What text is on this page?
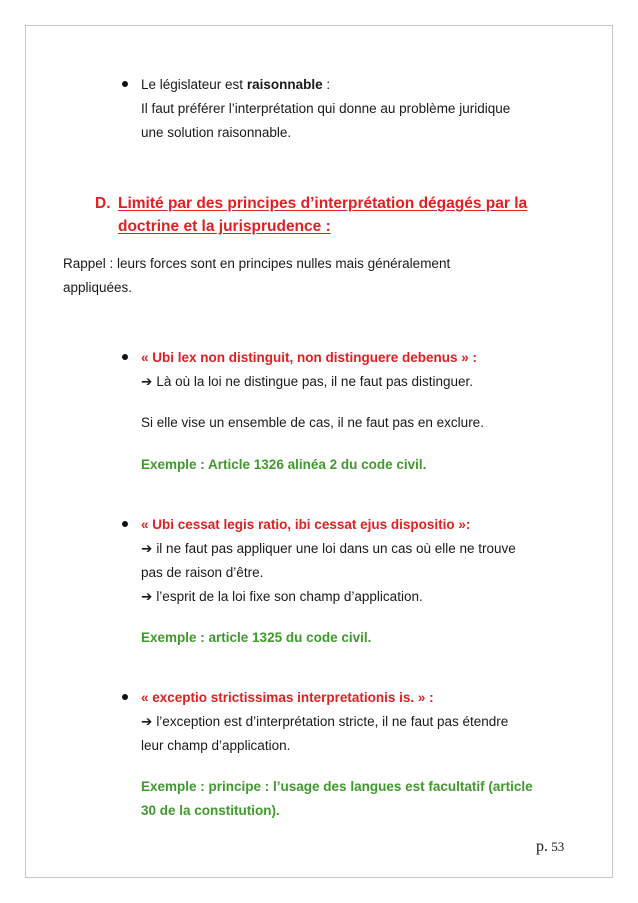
Le législateur est raisonnable :
Il faut préférer l’interprétation qui donne au problème juridique
une solution raisonnable.
D. Limité par des principes d’interprétation dégagés par la
doctrine et la jurisprudence :
Rappel : leurs forces sont en principes nulles mais généralement
appliquées.
« Ubi lex non distinguit, non distinguere debenus » :
➔ Là où la loi ne distingue pas, il ne faut pas distinguer.
Si elle vise un ensemble de cas, il ne faut pas en exclure.
Exemple : Article 1326 alinéa 2 du code civil.
« Ubi cessat legis ratio, ibi cessat ejus dispositio »:
➔ il ne faut pas appliquer une loi dans un cas où elle ne trouve
pas de raison d’être.
➔ l’esprit de la loi fixe son champ d’application.
Exemple : article 1325 du code civil.
« exceptio strictissimas interpretationis is. » :
➔ l’exception est d’interprétation stricte, il ne faut pas étendre
leur champ d’application.
Exemple : principe : l’usage des langues est facultatif (article
30 de la constitution).
p. 53
